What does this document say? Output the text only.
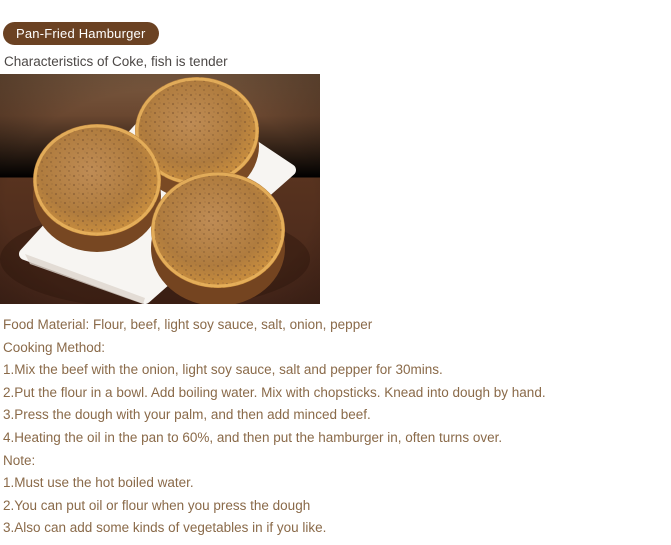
Pan-Fried Hamburger
Characteristics of Coke, fish is tender

Food Material: Flour, beef, light soy sauce, salt, onion, pepper

Cooking Method:

1.Mix the beef with the onion, light soy sauce, salt and pepper for 30mins.

2.Put the flour in a bowl. Add boiling water. Mix with chopsticks. Knead into dough by hand.

3.Press the dough with your palm, and then add minced beef.

4.Heating the oil in the pan to 60%, and then put the hamburger in, often turns over.

Note:

1.Must use the hot boiled water.

2.You can put oil or flour when you press the dough

3.Also can add some kinds of vegetables in if you like.
